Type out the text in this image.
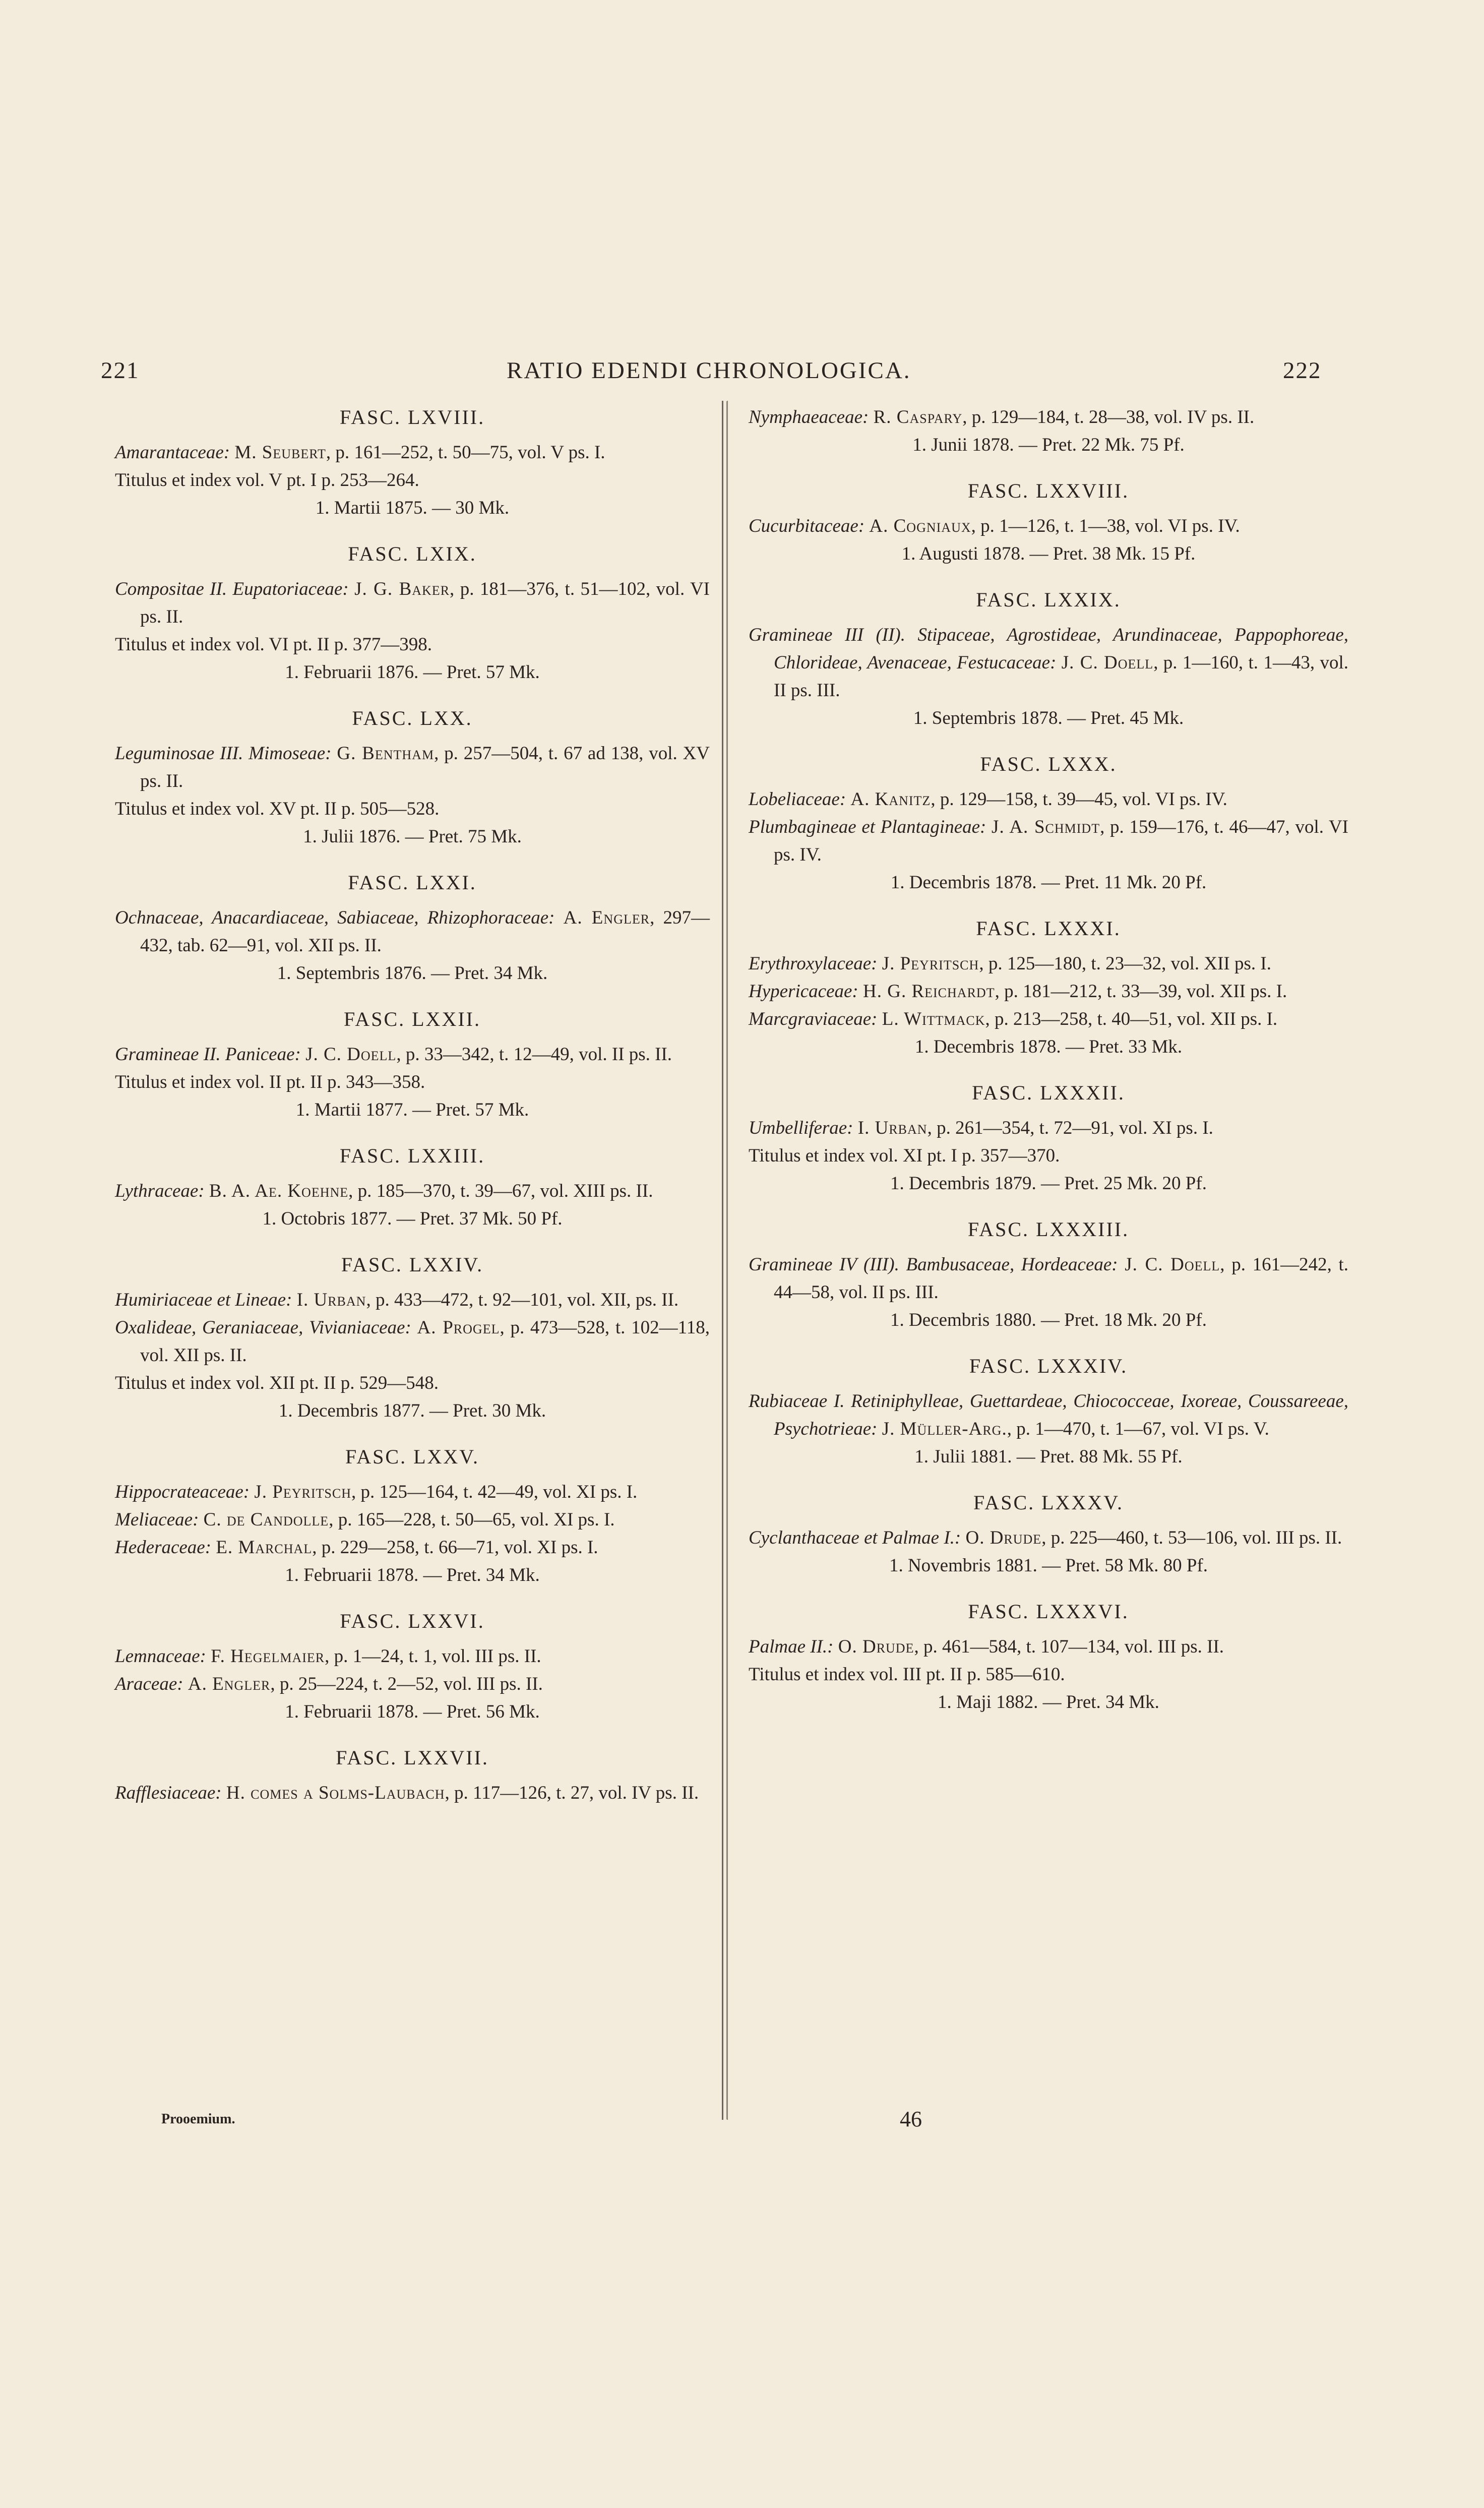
221	RATIO EDENDI CHRONOLOGICA.	222
FASC. LXVIII.
Amarantaceae: M. Seubert, p. 161—252, t. 50—75, vol. V ps. I.
Titulus et index vol. V pt. I p. 253—264.
1. Martii 1875. — 30 Mk.
FASC. LXIX.
Compositae II. Eupatoriaceae: J. G. Baker, p. 181—376, t. 51—102, vol. VI ps. II.
Titulus et index vol. VI pt. II p. 377—398.
1. Februarii 1876. — Pret. 57 Mk.
FASC. LXX.
Leguminosae III. Mimoseae: G. Bentham, p. 257—504, t. 67 ad 138, vol. XV ps. II.
Titulus et index vol. XV pt. II p. 505—528.
1. Julii 1876. — Pret. 75 Mk.
FASC. LXXI.
Ochnaceae, Anacardiaceae, Sabiaceae, Rhizophoraceae: A. Engler, 297—432, tab. 62—91, vol. XII ps. II.
1. Septembris 1876. — Pret. 34 Mk.
FASC. LXXII.
Gramineae II. Paniceae: J. C. Doell, p. 33—342, t. 12—49, vol. II ps. II.
Titulus et index vol. II pt. II p. 343—358.
1. Martii 1877. — Pret. 57 Mk.
FASC. LXXIII.
Lythraceae: B. A. Ae. Koehne, p. 185—370, t. 39—67, vol. XIII ps. II.
1. Octobris 1877. — Pret. 37 Mk. 50 Pf.
FASC. LXXIV.
Humiriaceae et Lineae: I. Urban, p. 433—472, t. 92—101, vol. XII, ps. II.
Oxalideae, Geraniaceae, Vivianiaceae: A. Progel, p. 473—528, t. 102—118, vol. XII ps. II.
Titulus et index vol. XII pt. II p. 529—548.
1. Decembris 1877. — Pret. 30 Mk.
FASC. LXXV.
Hippocrateaceae: J. Peyritsch, p. 125—164, t. 42—49, vol. XI ps. I.
Meliaceae: C. de Candolle, p. 165—228, t. 50—65, vol. XI ps. I.
Hederaceae: E. Marchal, p. 229—258, t. 66—71, vol. XI ps. I.
1. Februarii 1878. — Pret. 34 Mk.
FASC. LXXVI.
Lemnaceae: F. Hegelmaier, p. 1—24, t. 1, vol. III ps. II.
Araceae: A. Engler, p. 25—224, t. 2—52, vol. III ps. II.
1. Februarii 1878. — Pret. 56 Mk.
FASC. LXXVII.
Rafflesiaceae: H. comes a Solms-Laubach, p. 117—126, t. 27, vol. IV ps. II.
Nymphaeaceae: R. Caspary, p. 129—184, t. 28—38, vol. IV ps. II.
1. Junii 1878. — Pret. 22 Mk. 75 Pf.
FASC. LXXVIII.
Cucurbitaceae: A. Cogniaux, p. 1—126, t. 1—38, vol. VI ps. IV.
1. Augusti 1878. — Pret. 38 Mk. 15 Pf.
FASC. LXXIX.
Gramineae III (II). Stipaceae, Agrostideae, Arundinaceae, Pappophoreae, Chlorideae, Avenaceae, Festucaceae: J. C. Doell, p. 1—160, t. 1—43, vol. II ps. III.
1. Septembris 1878. — Pret. 45 Mk.
FASC. LXXX.
Lobeliaceae: A. Kanitz, p. 129—158, t. 39—45, vol. VI ps. IV.
Plumbagineae et Plantagineae: J. A. Schmidt, p. 159—176, t. 46—47, vol. VI ps. IV.
1. Decembris 1878. — Pret. 11 Mk. 20 Pf.
FASC. LXXXI.
Erythroxylaceae: J. Peyritsch, p. 125—180, t. 23—32, vol. XII ps. I.
Hypericaceae: H. G. Reichardt, p. 181—212, t. 33—39, vol. XII ps. I.
Marcgraviaceae: L. Wittmack, p. 213—258, t. 40—51, vol. XII ps. I.
1. Decembris 1878. — Pret. 33 Mk.
FASC. LXXXII.
Umbelliferae: I. Urban, p. 261—354, t. 72—91, vol. XI ps. I.
Titulus et index vol. XI pt. I p. 357—370.
1. Decembris 1879. — Pret. 25 Mk. 20 Pf.
FASC. LXXXIII.
Gramineae IV (III). Bambusaceae, Hordeaceae: J. C. Doell, p. 161—242, t. 44—58, vol. II ps. III.
1. Decembris 1880. — Pret. 18 Mk. 20 Pf.
FASC. LXXXIV.
Rubiaceae I. Retiniphylleae, Guettardeae, Chiococceae, Ixoreae, Coussareeae, Psychotrieae: J. Müller-Arg., p. 1—470, t. 1—67, vol. VI ps. V.
1. Julii 1881. — Pret. 88 Mk. 55 Pf.
FASC. LXXXV.
Cyclanthaceae et Palmae I.: O. Drude, p. 225—460, t. 53—106, vol. III ps. II.
1. Novembris 1881. — Pret. 58 Mk. 80 Pf.
FASC. LXXXVI.
Palmae II.: O. Drude, p. 461—584, t. 107—134, vol. III ps. II.
Titulus et index vol. III pt. II p. 585—610.
1. Maji 1882. — Pret. 34 Mk.
Prooemium.	46
